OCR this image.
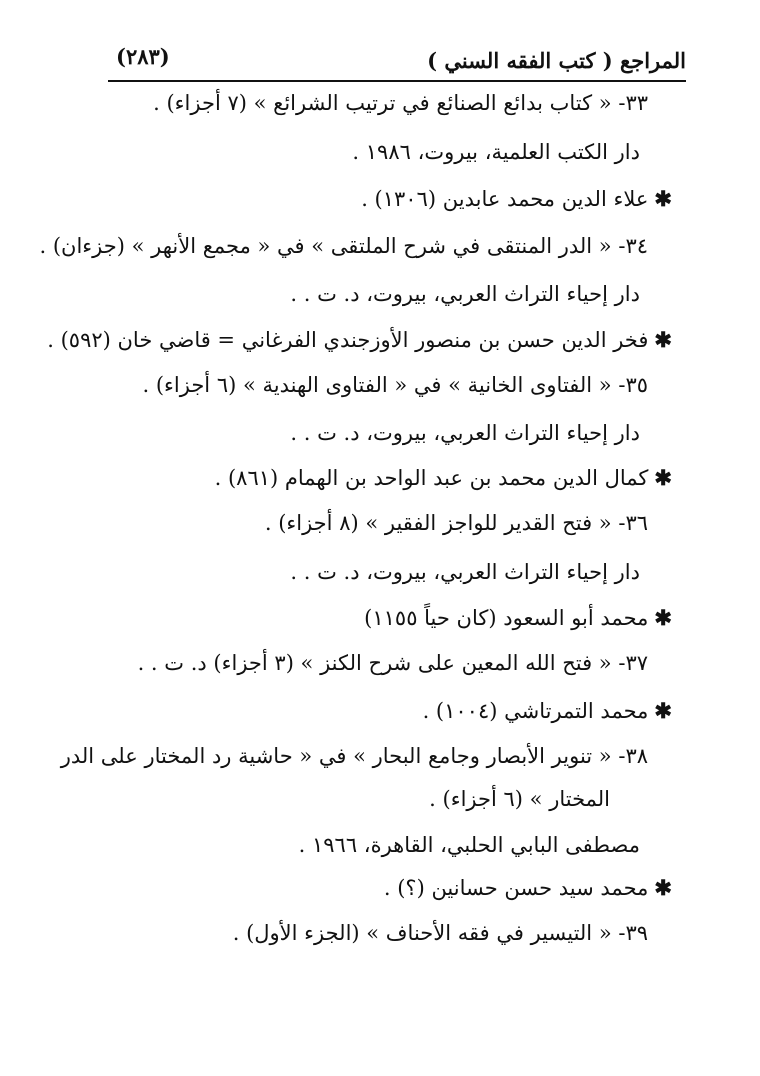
المراجع ( كتب الفقه السني )
(٢٨٣)
٣٣- « كتاب بدائع الصنائع في ترتيب الشرائع » (٧ أجزاء) .
دار الكتب العلمية، بيروت، ١٩٨٦ .
✱علاء الدين محمد عابدين (١٣٠٦) .
٣٤- « الدر المنتقى في شرح الملتقى » في « مجمع الأنهر » (جزءان) .
دار إحياء التراث العربي، بيروت، د. ت . .
✱فخر الدين حسن بن منصور الأوزجندي الفرغاني = قاضي خان (٥٩٢) .
٣٥- « الفتاوى الخانية » في « الفتاوى الهندية » (٦ أجزاء) .
دار إحياء التراث العربي، بيروت، د. ت . .
✱كمال الدين محمد بن عبد الواحد بن الهمام (٨٦١) .
٣٦- « فتح القدير للواجز الفقير » (٨ أجزاء) .
دار إحياء التراث العربي، بيروت، د. ت . .
✱محمد أبو السعود (كان حياً ١١٥٥)
٣٧- « فتح الله المعين على شرح الكنز » (٣ أجزاء) د. ت . .
✱محمد التمرتاشي (١٠٠٤) .
٣٨- « تنوير الأبصار وجامع البحار » في « حاشية رد المختار على الدر
المختار » (٦ أجزاء) .
مصطفى البابي الحلبي، القاهرة، ١٩٦٦ .
✱محمد سيد حسن حسانين (؟) .
٣٩- « التيسير في فقه الأحناف » (الجزء الأول) .
